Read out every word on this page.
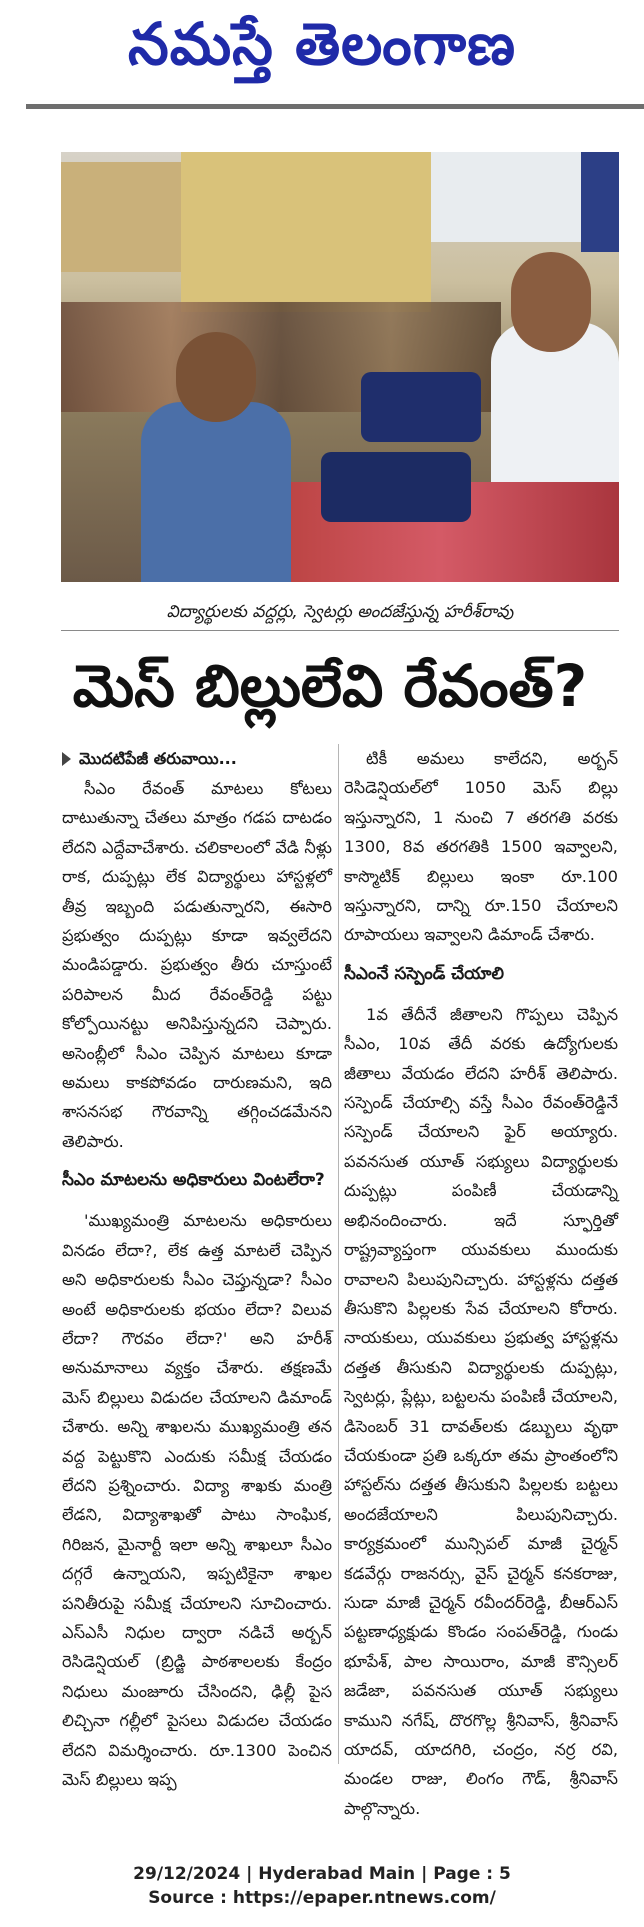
నమస్తే తెలంగాణ
విద్యార్థులకు వద్దర్లు, స్వెటర్లు అందజేస్తున్న హరీశ్‌రావు
మెస్ బిల్లులేవి రేవంత్?
మొదటిపేజీ తరువాయి...

సీఎం రేవంత్ మాటలు కోటలు దాటుతున్నా చేతలు మాత్రం గడప దాటడం లేదని ఎద్దేవాచేశారు. చలికాలంలో వేడి నీళ్లు రాక, దుప్పట్లు లేక విద్యార్థులు హాస్టళ్లలో తీవ్ర ఇబ్బంది పడుతున్నారని, ఈసారి ప్రభుత్వం దుప్పట్లు కూడా ఇవ్వలేదని మండిపడ్డారు. ప్రభుత్వం తీరు చూస్తుంటే పరిపాలన మీద రేవంత్‌రెడ్డి పట్టు కోల్పోయినట్టు అనిపిస్తున్నదని చెప్పారు. అసెంబ్లీలో సీఎం చెప్పిన మాటలు కూడా అమలు కాకపోవడం దారుణమని, ఇది శాసనసభ గౌరవాన్ని తగ్గించడమేనని తెలిపారు.

సీఎం మాటలను అధికారులు వింటలేరా?

'ముఖ్యమంత్రి మాటలను అధికారులు వినడం లేదా?, లేక ఉత్త మాటలే చెప్పిన అని అధికారులకు సీఎం చెప్తున్నడా? సీఎం అంటే అధికారులకు భయం లేదా? విలువ లేదా? గౌరవం లేదా?' అని హరీశ్ అనుమానాలు వ్యక్తం చేశారు. తక్షణమే మెస్ బిల్లులు విడుదల చేయాలని డిమాండ్ చేశారు. అన్ని శాఖలను ముఖ్యమంత్రి తన వద్ద పెట్టుకొని ఎందుకు సమీక్ష చేయడం లేదని ప్రశ్నించారు. విద్యా శాఖకు మంత్రి లేడని, విద్యాశాఖతో పాటు సాంఘిక, గిరిజన, మైనార్టీ ఇలా అన్ని శాఖలూ సీఎం దగ్గరే ఉన్నాయని, ఇప్పటికైనా శాఖల పనితీరుపై సమీక్ష చేయాలని సూచించారు. ఎస్‌ఎసీ నిధుల ద్వారా నడిచే అర్బన్ రెసిడెన్షియల్ (బ్రిడ్జి పాఠశాలలకు కేంద్రం నిధులు మంజూరు చేసిందని, ఢిల్లీ పైస లిచ్చినా గల్లీలో పైసలు విడుదల చేయడం లేదని విమర్శించారు. రూ.1300 పెంచిన మెస్ బిల్లులు ఇప్ప

టికీ అమలు కాలేదని, అర్బన్ రెసిడెన్షియల్‌లో 1050 మెస్ బిల్లు ఇస్తున్నారని, 1 నుంచి 7 తరగతి వరకు 1300, 8వ తరగతికి 1500 ఇవ్వాలని, కాస్మొటిక్ బిల్లులు ఇంకా రూ.100 ఇస్తున్నారని, దాన్ని రూ.150 చేయాలని రూపాయలు ఇవ్వాలని డిమాండ్ చేశారు.

సీఎంనే సస్పెండ్ చేయాలి

1వ తేదీనే జీతాలని గొప్పలు చెప్పిన సీఎం, 10వ తేదీ వరకు ఉద్యోగులకు జీతాలు వేయడం లేదని హరీశ్ తెలిపారు. సస్పెండ్ చేయాల్సి వస్తే సీఎం రేవంత్‌రెడ్డినే సస్పెండ్ చేయాలని ఫైర్ అయ్యారు. పవనసుత యూత్ సభ్యులు విద్యార్థులకు దుప్పట్లు పంపిణీ చేయడాన్ని అభినందించారు. ఇదే స్ఫూర్తితో రాష్ట్రవ్యాప్తంగా యువకులు ముందుకు రావాలని పిలుపునిచ్చారు. హాస్టళ్లను దత్తత తీసుకొని పిల్లలకు సేవ చేయాలని కోరారు. నాయకులు, యువకులు ప్రభుత్వ హాస్టళ్లను దత్తత తీసుకుని విద్యార్థులకు దుప్పట్లు, స్వెటర్లు, ప్లేట్లు, బట్టలను పంపిణీ చేయాలని, డిసెంబర్ 31 దావత్‌లకు డబ్బులు వృథా చేయకుండా ప్రతి ఒక్కరూ తమ ప్రాంతంలోని హాస్టల్‌ను దత్తత తీసుకుని పిల్లలకు బట్టలు అందజేయాలని పిలుపునిచ్చారు. కార్యక్రమంలో మున్సిపల్ మాజీ చైర్మన్ కడవేర్గు రాజనర్సు, వైస్ చైర్మన్ కనకరాజు, సుడా మాజీ చైర్మన్ రవీందర్‌రెడ్డి, బీఆర్‌ఎస్ పట్టణాధ్యక్షుడు కొండం సంపత్‌రెడ్డి, గుండు భూపేశ్, పాల సాయిరాం, మాజీ కౌన్సిలర్ జడేజా, పవనసుత యూత్ సభ్యులు కాముని నగేష్, దొరగొల్ల శ్రీనివాస్, శ్రీనివాస్ యాదవ్, యాదగిరి, చంద్రం, నర్ర రవి, మండల రాజు, లింగం గౌడ్, శ్రీనివాస్ పాల్గొన్నారు.

29/12/2024 | Hyderabad Main | Page : 5
Source : https://epaper.ntnews.com/
